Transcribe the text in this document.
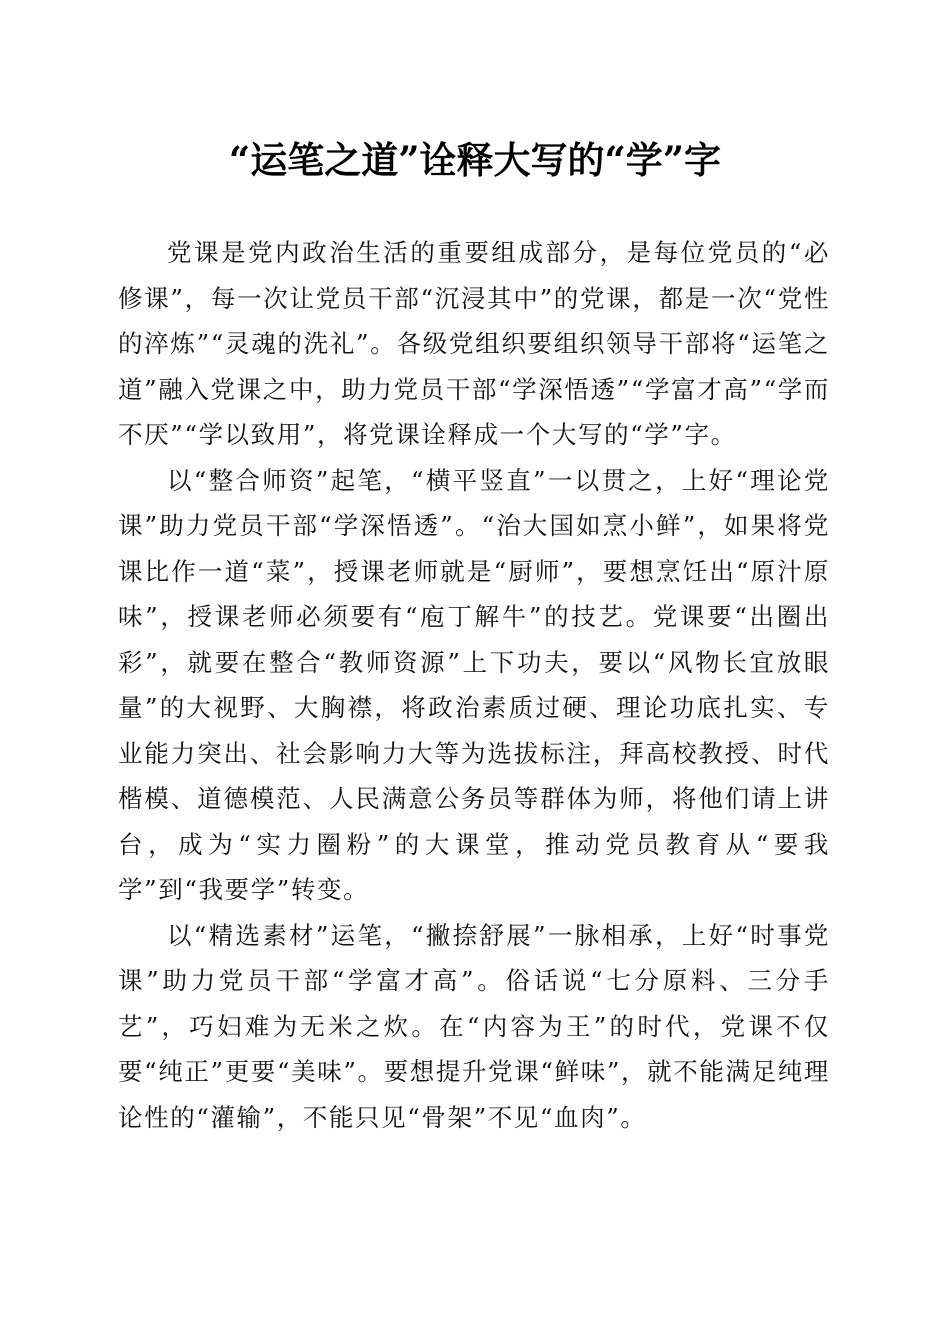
“运笔之道”诠释大写的“学”字

党课是党内政治生活的重要组成部分，是每位党员的“必修课”，每一次让党员干部“沉浸其中”的党课，都是一次“党性的淬炼”“灵魂的洗礼”。各级党组织要组织领导干部将“运笔之道”融入党课之中，助力党员干部“学深悟透”“学富才高”“学而不厌”“学以致用”，将党课诠释成一个大写的“学”字。

以“整合师资”起笔，“横平竖直”一以贯之，上好“理论党课”助力党员干部“学深悟透”。“治大国如烹小鲜”，如果将党课比作一道“菜”，授课老师就是“厨师”，要想烹饪出“原汁原味”，授课老师必须要有“庖丁解牛”的技艺。党课要“出圈出彩”，就要在整合“教师资源”上下功夫，要以“风物长宜放眼量”的大视野、大胸襟，将政治素质过硬、理论功底扎实、专业能力突出、社会影响力大等为选拔标注，拜高校教授、时代楷模、道德模范、人民满意公务员等群体为师，将他们请上讲台，成为“实力圈粉”的大课堂，推动党员教育从“要我学”到“我要学”转变。

以“精选素材”运笔，“撇捺舒展”一脉相承，上好“时事党课”助力党员干部“学富才高”。俗话说“七分原料、三分手艺”，巧妇难为无米之炊。在“内容为王”的时代，党课不仅要“纯正”更要“美味”。要想提升党课“鲜味”，就不能满足纯理论性的“灌输”，不能只见“骨架”不见“血肉”。
